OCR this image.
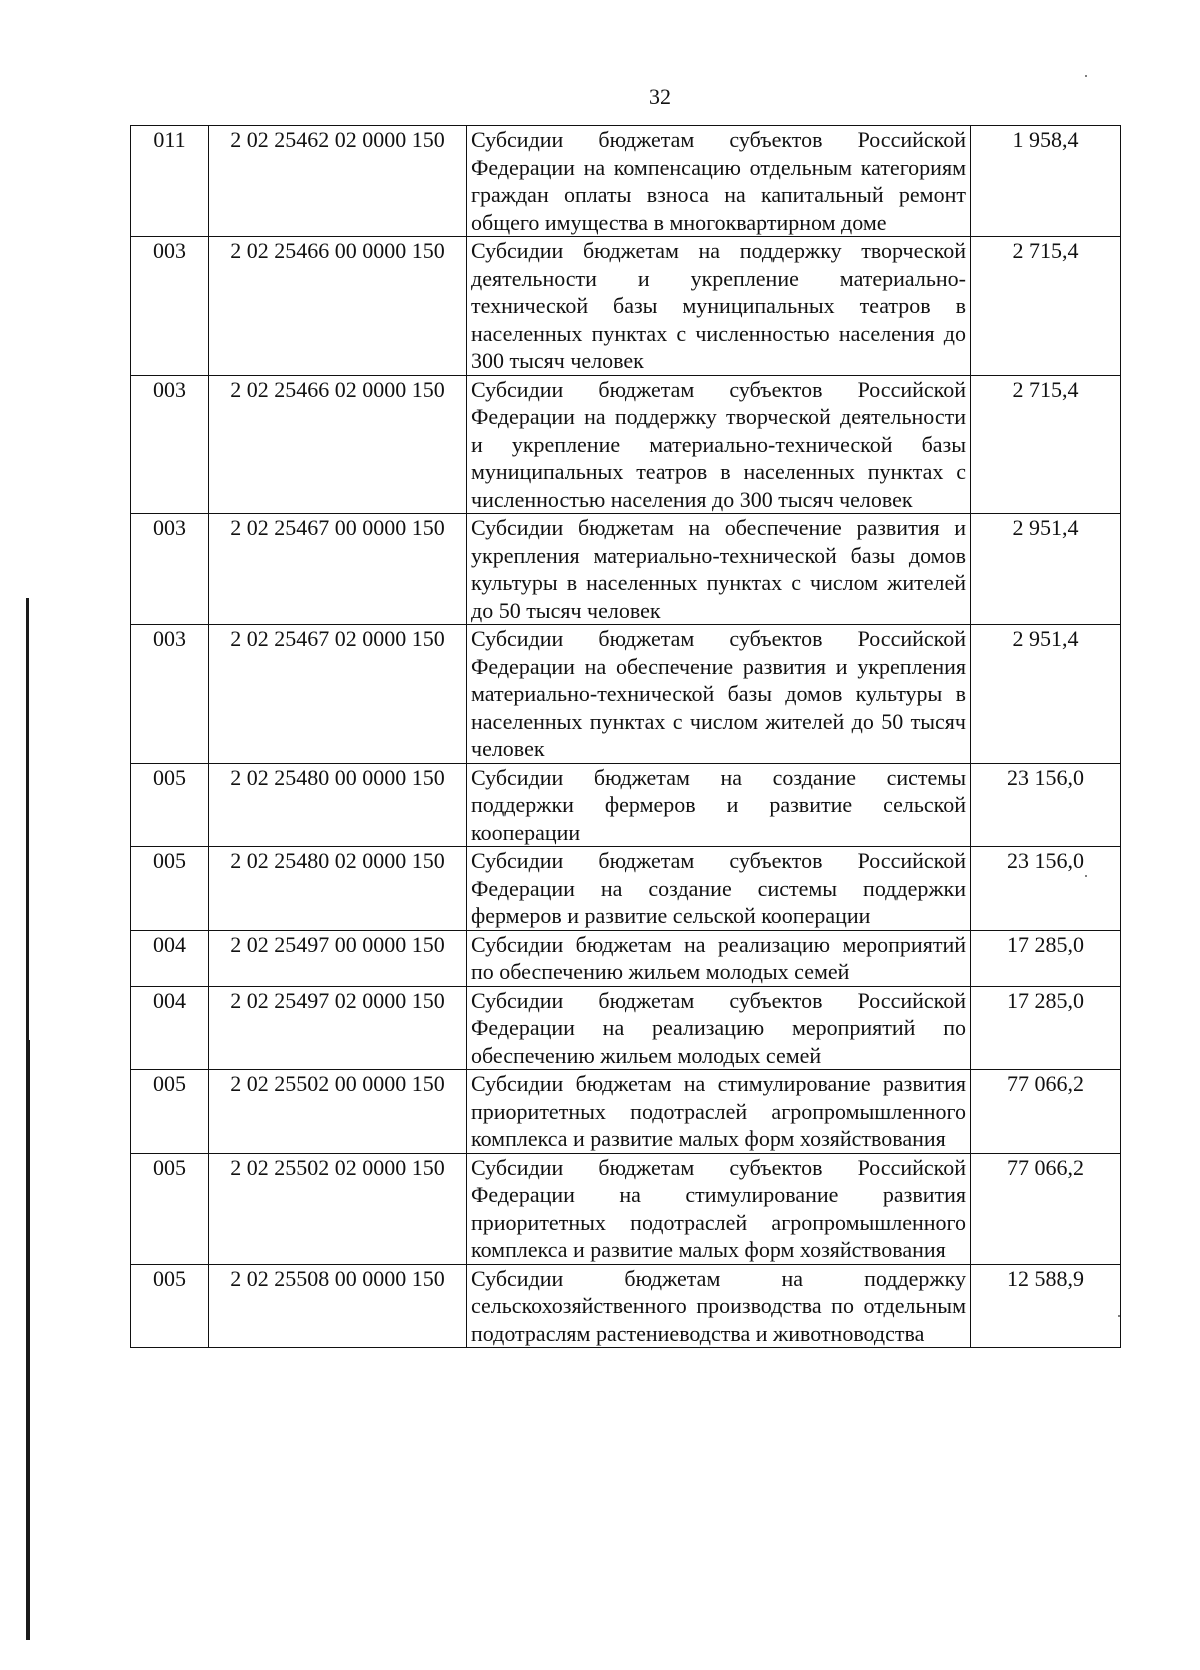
32
011	2 02 25462 02 0000 150	Субсидии бюджетам субъектов Российской Федерации на компенсацию отдельным категориям граждан оплаты взноса на капитальный ремонт общего имущества в многоквартирном доме	1 958,4
003	2 02 25466 00 0000 150	Субсидии бюджетам на поддержку творческой деятельности и укрепление материально-технической базы муниципальных театров в населенных пунктах с численностью населения до 300 тысяч человек	2 715,4
003	2 02 25466 02 0000 150	Субсидии бюджетам субъектов Российской Федерации на поддержку творческой деятельности и укрепление материально-технической базы муниципальных театров в населенных пунктах с численностью населения до 300 тысяч человек	2 715,4
003	2 02 25467 00 0000 150	Субсидии бюджетам на обеспечение развития и укрепления материально-технической базы домов культуры в населенных пунктах с числом жителей до 50 тысяч человек	2 951,4
003	2 02 25467 02 0000 150	Субсидии бюджетам субъектов Российской Федерации на обеспечение развития и укрепления материально-технической базы домов культуры в населенных пунктах с числом жителей до 50 тысяч человек	2 951,4
005	2 02 25480 00 0000 150	Субсидии бюджетам на создание системы поддержки фермеров и развитие сельской кооперации	23 156,0
005	2 02 25480 02 0000 150	Субсидии бюджетам субъектов Российской Федерации на создание системы поддержки фермеров и развитие сельской кооперации	23 156,0
004	2 02 25497 00 0000 150	Субсидии бюджетам на реализацию мероприятий по обеспечению жильем молодых семей	17 285,0
004	2 02 25497 02 0000 150	Субсидии бюджетам субъектов Российской Федерации на реализацию мероприятий по обеспечению жильем молодых семей	17 285,0
005	2 02 25502 00 0000 150	Субсидии бюджетам на стимулирование развития приоритетных подотраслей агропромышленного комплекса и развитие малых форм хозяйствования	77 066,2
005	2 02 25502 02 0000 150	Субсидии бюджетам субъектов Российской Федерации на стимулирование развития приоритетных подотраслей агропромышленного комплекса и развитие малых форм хозяйствования	77 066,2
005	2 02 25508 00 0000 150	Субсидии бюджетам на поддержку сельскохозяйственного производства по отдельным подотраслям растениеводства и животноводства	12 588,9
